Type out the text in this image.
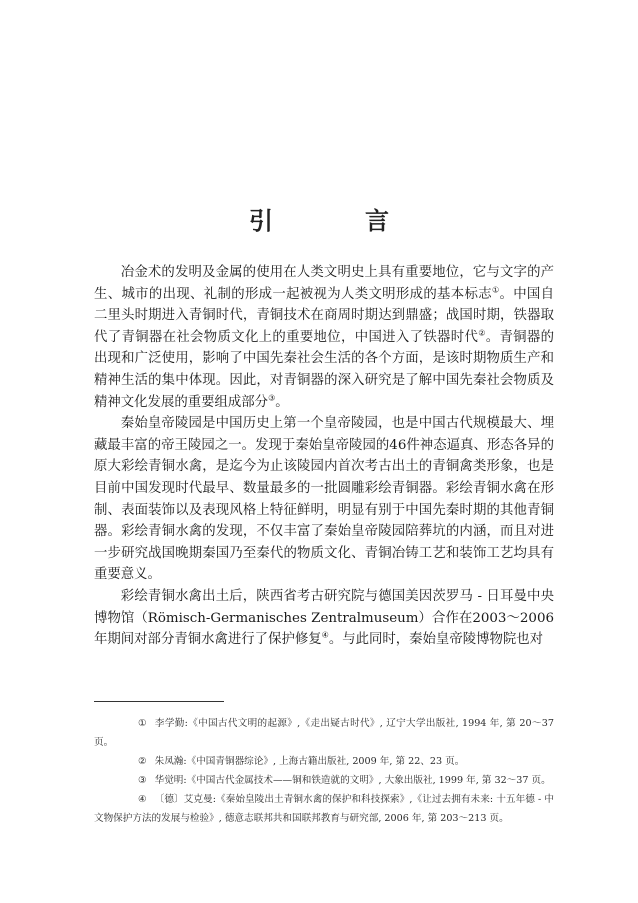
引　言

冶金术的发明及金属的使用在人类文明史上具有重要地位，它与文字的产生、城市的出现、礼制的形成一起被视为人类文明形成的基本标志①。中国自二里头时期进入青铜时代，青铜技术在商周时期达到鼎盛；战国时期，铁器取代了青铜器在社会物质文化上的重要地位，中国进入了铁器时代②。青铜器的出现和广泛使用，影响了中国先秦社会生活的各个方面，是该时期物质生产和精神生活的集中体现。因此，对青铜器的深入研究是了解中国先秦社会物质及精神文化发展的重要组成部分③。

秦始皇帝陵园是中国历史上第一个皇帝陵园，也是中国古代规模最大、埋藏最丰富的帝王陵园之一。发现于秦始皇帝陵园的46件神态逼真、形态各异的原大彩绘青铜水禽，是迄今为止该陵园内首次考古出土的青铜禽类形象，也是目前中国发现时代最早、数量最多的一批圆雕彩绘青铜器。彩绘青铜水禽在形制、表面装饰以及表现风格上特征鲜明，明显有别于中国先秦时期的其他青铜器。彩绘青铜水禽的发现，不仅丰富了秦始皇帝陵园陪葬坑的内涵，而且对进一步研究战国晚期秦国乃至秦代的物质文化、青铜冶铸工艺和装饰工艺均具有重要意义。

彩绘青铜水禽出土后，陕西省考古研究院与德国美因茨罗马 - 日耳曼中央博物馆（Römisch-Germanisches Zentralmuseum）合作在2003～2006年期间对部分青铜水禽进行了保护修复④。与此同时，秦始皇帝陵博物院也对

① 李学勤:《中国古代文明的起源》,《走出疑古时代》, 辽宁大学出版社, 1994 年, 第 20～37 页。

② 朱凤瀚:《中国青铜器综论》, 上海古籍出版社, 2009 年, 第 22、23 页。

③ 华觉明:《中国古代金属技术——铜和铁造就的文明》, 大象出版社, 1999 年, 第 32～37 页。

④ 〔德〕艾克曼:《秦始皇陵出土青铜水禽的保护和科技探索》,《让过去拥有未来: 十五年德 - 中文物保护方法的发展与检验》, 德意志联邦共和国联邦教育与研究部, 2006 年, 第 203～213 页。
